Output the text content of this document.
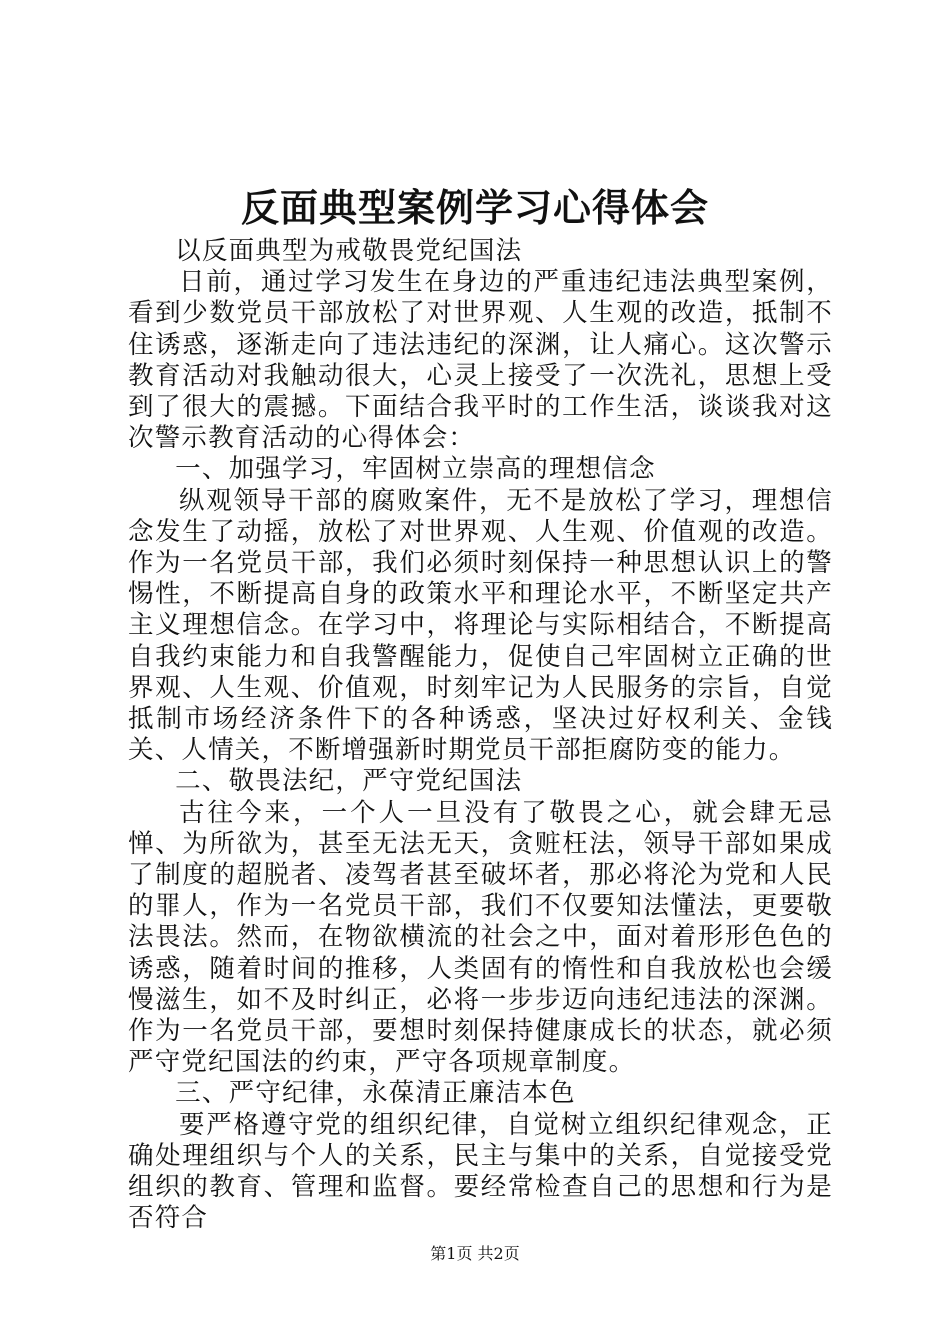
反面典型案例学习心得体会

以反面典型为戒敬畏党纪国法

日前，通过学习发生在身边的严重违纪违法典型案例，看到少数党员干部放松了对世界观、人生观的改造，抵制不住诱惑，逐渐走向了违法违纪的深渊，让人痛心。这次警示教育活动对我触动很大，心灵上接受了一次洗礼，思想上受到了很大的震撼。下面结合我平时的工作生活，谈谈我对这次警示教育活动的心得体会：

一、加强学习，牢固树立崇高的理想信念

纵观领导干部的腐败案件，无不是放松了学习，理想信念发生了动摇，放松了对世界观、人生观、价值观的改造。作为一名党员干部，我们必须时刻保持一种思想认识上的警惕性，不断提高自身的政策水平和理论水平，不断坚定共产主义理想信念。在学习中，将理论与实际相结合，不断提高自我约束能力和自我警醒能力，促使自己牢固树立正确的世界观、人生观、价值观，时刻牢记为人民服务的宗旨，自觉抵制市场经济条件下的各种诱惑，坚决过好权利关、金钱关、人情关，不断增强新时期党员干部拒腐防变的能力。

二、敬畏法纪，严守党纪国法

古往今来，一个人一旦没有了敬畏之心，就会肆无忌惮、为所欲为，甚至无法无天，贪赃枉法，领导干部如果成了制度的超脱者、凌驾者甚至破坏者，那必将沦为党和人民的罪人，作为一名党员干部，我们不仅要知法懂法，更要敬法畏法。然而，在物欲横流的社会之中，面对着形形色色的诱惑，随着时间的推移，人类固有的惰性和自我放松也会缓慢滋生，如不及时纠正，必将一步步迈向违纪违法的深渊。作为一名党员干部，要想时刻保持健康成长的状态，就必须严守党纪国法的约束，严守各项规章制度。

三、严守纪律，永葆清正廉洁本色

要严格遵守党的组织纪律，自觉树立组织纪律观念，正确处理组织与个人的关系，民主与集中的关系，自觉接受党组织的教育、管理和监督。要经常检查自己的思想和行为是否符合

第1页 共2页
